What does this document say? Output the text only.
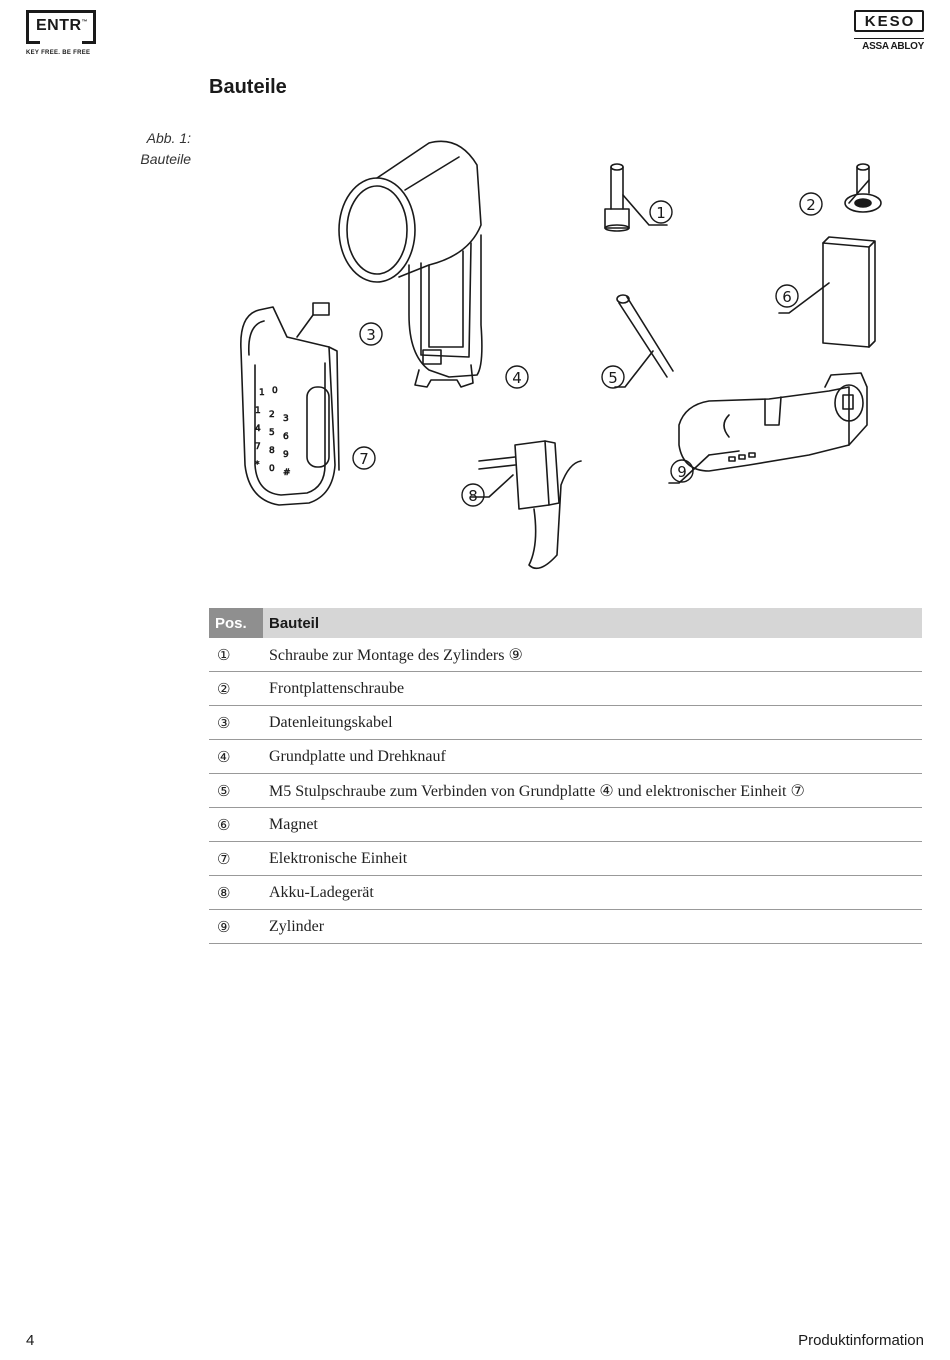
ENTR™
KEY FREE. BE FREE
KESO
ASSA ABLOY
Bauteile
Abb. 1:
Bauteile
1 0
1 2 3
4 5 6
7 8 9
* 0 #
1	2
3
4	5
6
7
8
9
Pos.	Bauteil
①	Schraube zur Montage des Zylinders ⑨
②	Frontplattenschraube
③	Datenleitungskabel
④	Grundplatte und Drehknauf
⑤	M5 Stulpschraube zum Verbinden von Grundplatte ④ und elektronischer Einheit ⑦
⑥	Magnet
⑦	Elektronische Einheit
⑧	Akku-Ladegerät
⑨	Zylinder
4	Produktinformation
